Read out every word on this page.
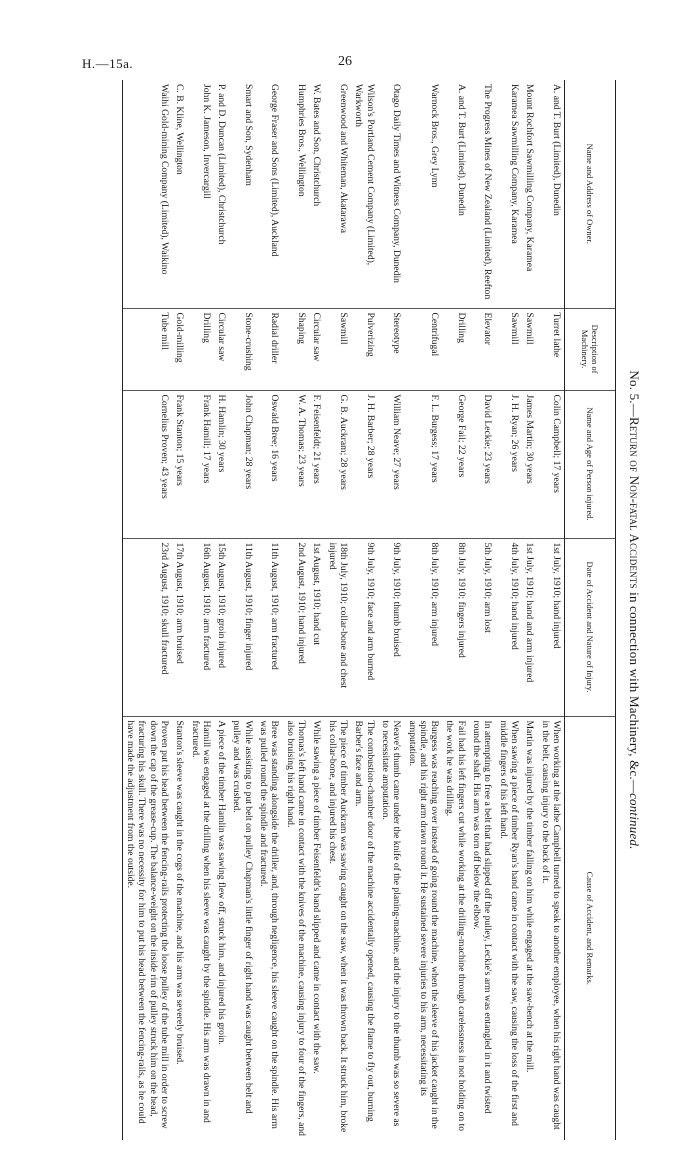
H.—15a.	26
No. 5.—Return of Non-fatal Accidents in connection with Machinery, &c.—continued.
Name and Address of Owner.	Description of Machinery.	Name and Age of Person injured.	Date of Accident and Nature of Injury.	Cause of Accident, and Remarks.
A. and T. Burt (Limited), Dunedin	Turret lathe	Colin Campbell; 17 years	1st July, 1910; hand injured	When working at the lathe Campbell turned to speak to another employee, when his right hand was caught in the belt, causing injury to the back of it.
Mount Rochfort Sawmilling Company, Karamea	Sawmill	James Martin; 30 years	1st July, 1910; hand and arm injured	Martin was injured by the timber falling on him while engaged at the saw-bench at the mill.
Karamea Sawmilling Company, Karamea	Sawmill	J. H. Ryan; 26 years	4th July, 1910; hand injured	When sawing a piece of timber Ryan's hand came in contact with the saw, causing the loss of the first and middle fingers of his left hand.
The Progress Mines of New Zealand (Limited), Reefton	Elevator	David Leckie; 23 years	5th July, 1910; arm lost	In attempting to free a belt that had slipped off the pulley, Leckie's arm was entangled in it and twisted round the shaft. His arm was torn off below the elbow.
A. and T. Burt (Limited), Dunedin	Drilling	George Fail; 22 years	8th July, 1910; fingers injured	Fail had his left fingers cut while working at the drilling-machine through carelessness in not holding on to the work he was drilling.
Warnock Bros., Grey Lynn	Centrifugal	F. L. Burgess; 17 years	8th July, 1910; arm injured	Burgess was reaching over instead of going round the machine, when the sleeve of his jacket caught in the spindle, and his right arm drawn round it. He sustained severe injuries to his arm, necessitating its amputation.
Otago Daily Times and Witness Company, Dunedin	Stereotype	William Neave; 27 years	9th July, 1910; thumb bruised	Neave's thumb came under the knife of the planing-machine, and the injury to the thumb was so severe as to necessitate amputation.
Wilson's Portland Cement Company (Limited), Warkworth	Pulverizing	J. H. Barber; 28 years	9th July, 1910; face and arm burned	The combustion-chamber door of the machine accidentally opened, causing the flame to fly out, burning Barber's face and arm.
Greenwood and Whiteman, Akatarawa	Sawmill	G. B. Auckram; 28 years	18th July, 1910; collar-bone and chest injured	The piece of timber Auckram was sawing caught on the saw, when it was thrown back. It struck him, broke his collar-bone, and injured his chest.
W. Bates and Son, Christchurch	Circular saw	F. Feisenfeldt; 21 years	1st August, 1910; hand cut	While sawing a piece of timber Feisenfeldt's hand slipped and came in contact with the saw.
Humphries Bros., Wellington	Shaping	W. A. Thomas; 23 years	2nd August, 1910; hand injured	Thomas's left hand came in contact with the knives of the machine, causing injury to four of the fingers, and also bruising his right hand.
George Fraser and Sons (Limited), Auckland	Radial driller	Oswald Bree; 16 years	11th August, 1910; arm fractured	Bree was standing alongside the driller, and, through negligence, his sleeve caught on the spindle. His arm was pulled round the spindle and fractured.
Smart and Son, Sydenham	Stone-crushing	John Chapman; 28 years	11th August, 1910; finger injured	While assisting to put belt on pulley Chapman's little finger of right hand was caught between belt and pulley and was crushed.
P. and D. Duncan (Limited), Christchurch	Circular saw	H. Hamlin; 30 years	15th August, 1910; groin injured	A piece of the timber Hamlin was sawing flew off, struck him, and injured his groin.
John K. Jameson, Invercargill	Drilling	Frank Hamill; 17 years	16th August, 1910; arm fractured	Hamill was engaged at the drilling when his sleeve was caught by the spindle. His arm was drawn in and fractured.
C. B. Kline, Wellington	Gold-milling	Frank Stanton; 15 years	17th August, 1910; arm bruised	Stanton's sleeve was caught in the cogs of the machine, and his arm was severely bruised.
Waihi Gold-mining Company (Limited), Waikino	Tube mill	Cornelius Proven; 43 years	23rd August, 1910; skull fractured	Proven put his head between the fencing-rails protecting the loose pulley of the tube mill in order to screw down the cap of the grease-cup. The balance-weight on the inside rim of pulley struck him on the head, fracturing his skull. There was no necessity for him to put his head between the fencing-rails, as he could have made the adjustment from the outside.
